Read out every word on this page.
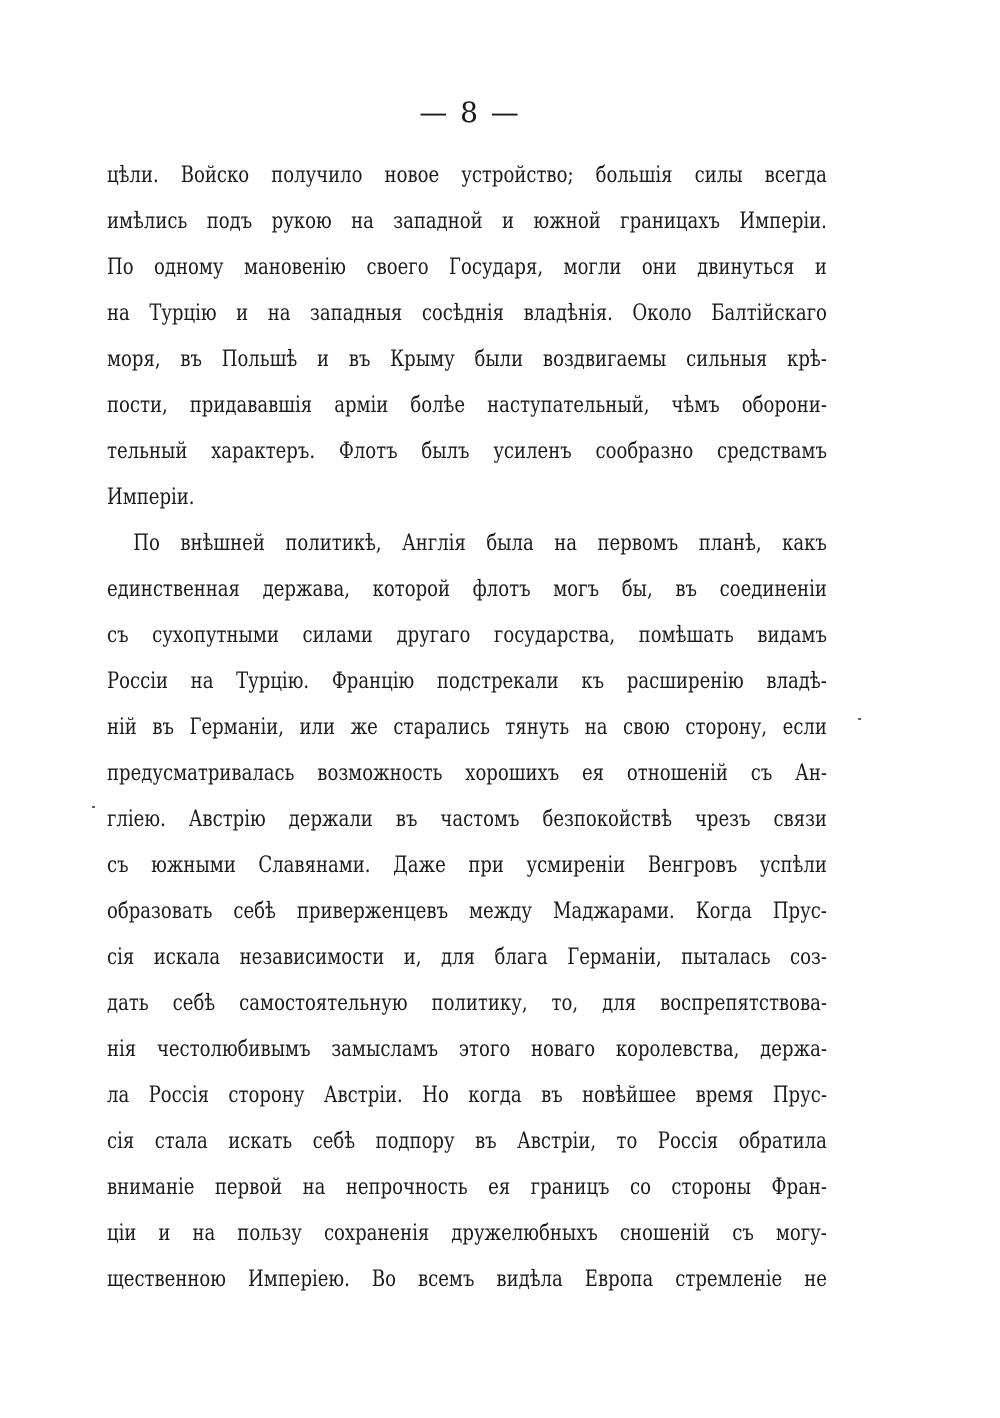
— 8 —
цѣли. Войско получило новое устройство; большія силы всегда
имѣлись подъ рукою на западной и южной границахъ Имперіи.
По одному мановенію своего Государя, могли они двинуться и
на Турцію и на западныя сосѣднія владѣнія. Около Балтійскаго
моря, въ Польшѣ и въ Крыму были воздвигаемы сильныя крѣ-
пости, придававшія арміи болѣе наступательный, чѣмъ оборони-
тельный характеръ. Флотъ былъ усиленъ сообразно средствамъ
Имперіи.
По внѣшней политикѣ, Англія была на первомъ планѣ, какъ
единственная держава, которой флотъ могъ бы, въ соединеніи
съ сухопутными силами другаго государства, помѣшать видамъ
Россіи на Турцію. Францію подстрекали къ расширенію владѣ-
ній въ Германіи, или же старались тянуть на свою сторону, если
предусматривалась возможность хорошихъ ея отношеній съ Ан-
гліею. Австрію держали въ частомъ безпокойствѣ чрезъ связи
съ южными Славянами. Даже при усмиреніи Венгровъ успѣли
образовать себѣ приверженцевъ между Маджарами. Когда Прус-
сія искала независимости и, для блага Германіи, пыталась соз-
дать себѣ самостоятельную политику, то, для воспрепятствова-
нія честолюбивымъ замысламъ этого новаго королевства, держа-
ла Россія сторону Австріи. Но когда въ новѣйшее время Прус-
сія стала искать себѣ подпору въ Австріи, то Россія обратила
вниманіе первой на непрочность ея границъ со стороны Фран-
ціи и на пользу сохраненія дружелюбныхъ сношеній съ могу-
щественною Имперіею. Во всемъ видѣла Европа стремленіе не
